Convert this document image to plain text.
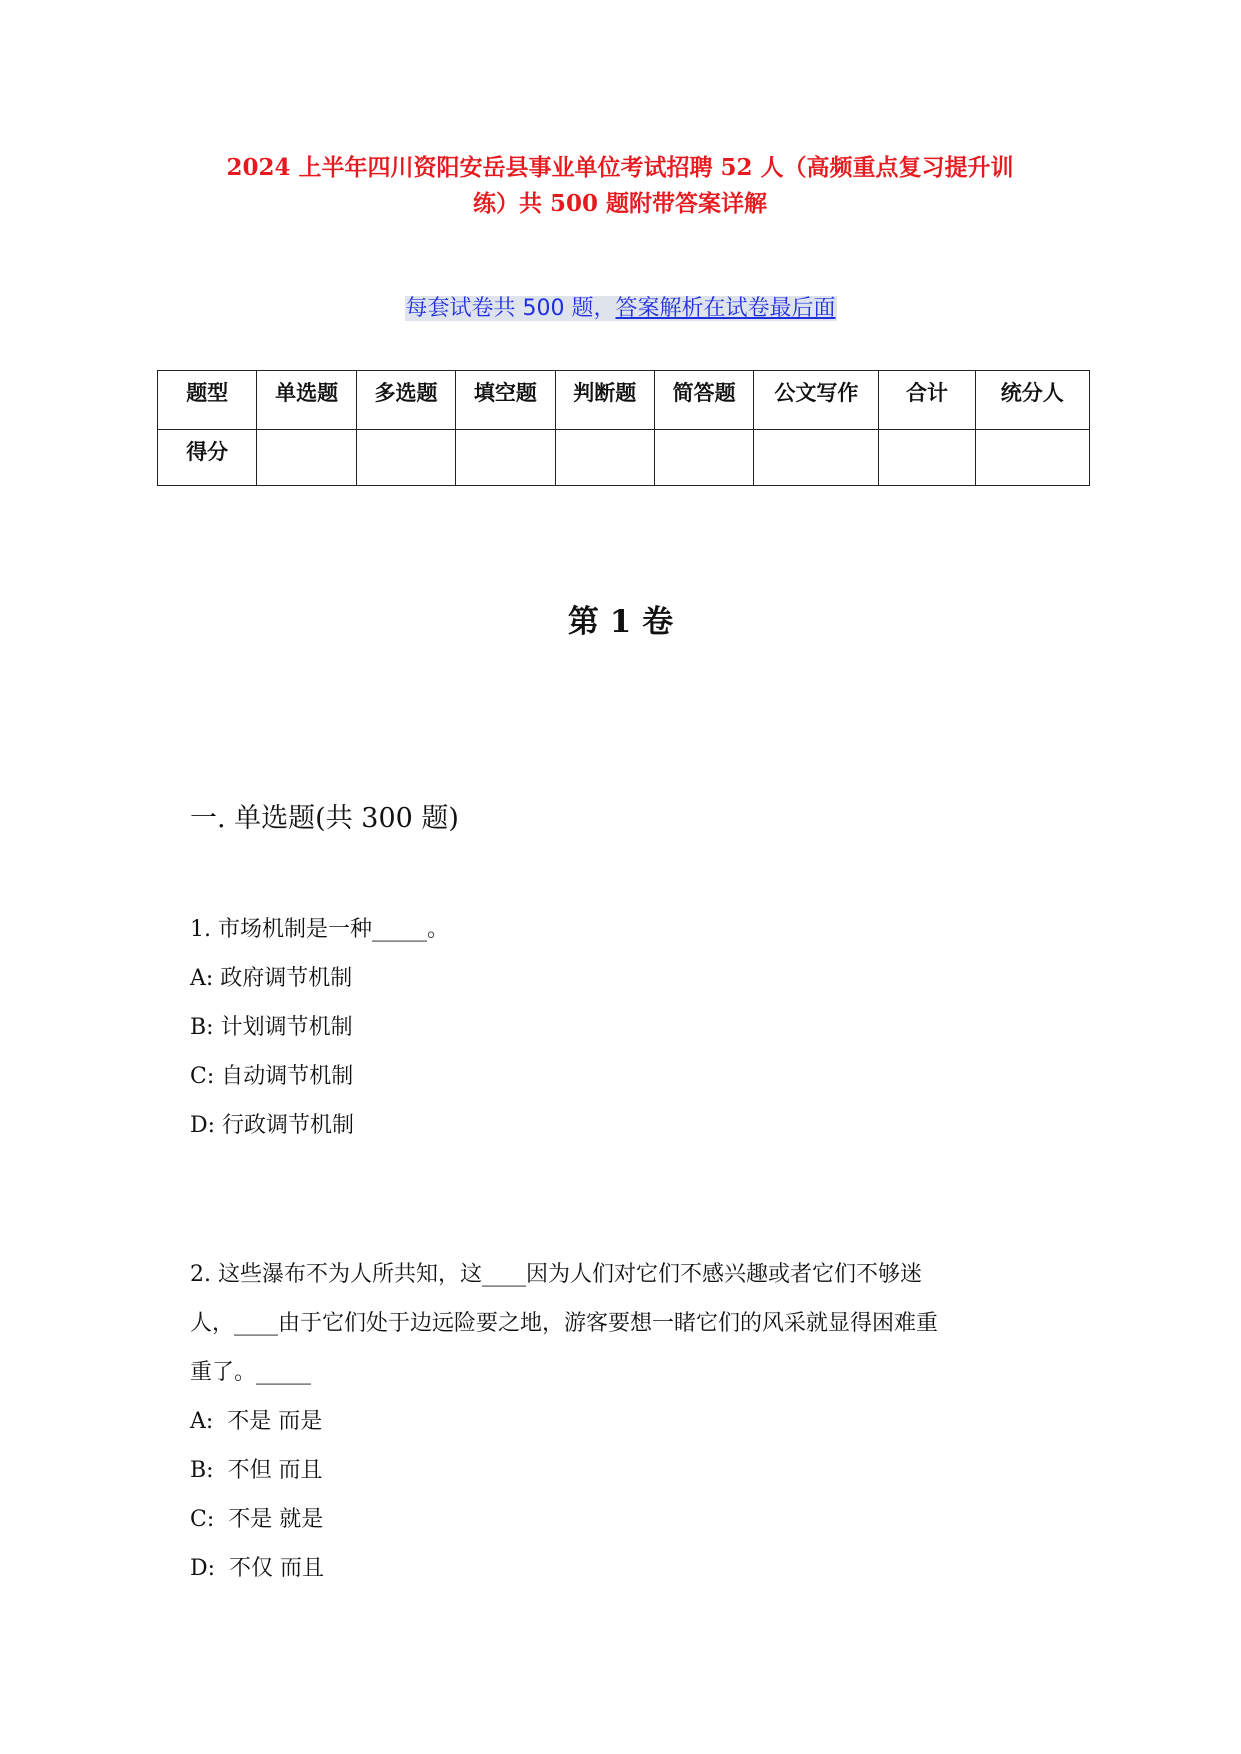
2024 上半年四川资阳安岳县事业单位考试招聘 52 人（高频重点复习提升训
练）共 500 题附带答案详解
每套试卷共 500 题，答案解析在试卷最后面
题型	单选题	多选题	填空题	判断题	简答题	公文写作	合计	统分人
得分								
第 1 卷
一. 单选题(共 300 题)
1. 市场机制是一种_____。
A: 政府调节机制
B: 计划调节机制
C: 自动调节机制
D: 行政调节机制
2. 这些瀑布不为人所共知，这____因为人们对它们不感兴趣或者它们不够迷
人，____由于它们处于边远险要之地，游客要想一睹它们的风采就显得困难重
重了。_____
A:  不是 而是
B:  不但 而且
C:  不是 就是
D:  不仅 而且
